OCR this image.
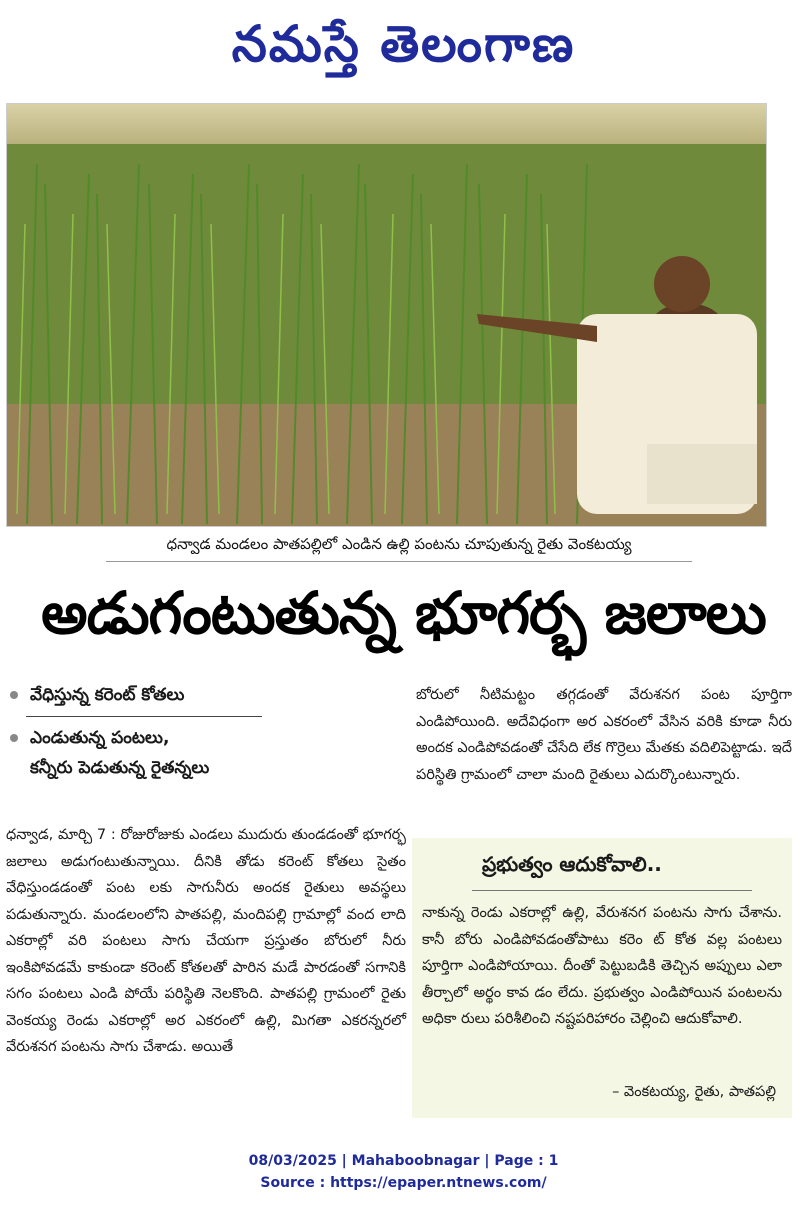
నమస్తే తెలంగాణ
ధన్వాడ మండలం పాతపల్లిలో ఎండిన ఉల్లి పంటను చూపుతున్న రైతు వెంకటయ్య
అడుగంటుతున్న భూగర్భ జలాలు
వేధిస్తున్న కరెంట్ కోతలు
ఎండుతున్న పంటలు,
కన్నీరు పెడుతున్న రైతన్నలు

ధన్వాడ, మార్చి 7 : రోజురోజుకు ఎండలు ముదురు తుండడంతో భూగర్భ జలాలు అడుగంటుతున్నాయి. దీనికి తోడు కరెంట్ కోతలు సైతం వేధిస్తుండడంతో పంట లకు సాగునీరు అందక రైతులు అవస్థలు పడుతున్నారు. మండలంలోని పాతపల్లి, మందిపల్లి గ్రామాల్లో వంద లాది ఎకరాల్లో వరి పంటలు సాగు చేయగా ప్రస్తుతం బోరులో నీరు ఇంకిపోవడమే కాకుండా కరెంట్ కోతలతో పారిన మడే పారడంతో సగానికి సగం పంటలు ఎండి పోయే పరిస్థితి నెలకొంది. పాతపల్లి గ్రామంలో రైతు వెంకయ్య రెండు ఎకరాల్లో అర ఎకరంలో ఉల్లి, మిగతా ఎకరన్నరలో వేరుశనగ పంటను సాగు చేశాడు. అయితే

బోరులో నీటిమట్టం తగ్గడంతో వేరుశనగ పంట పూర్తిగా ఎండిపోయింది. అదేవిధంగా అర ఎకరంలో వేసిన వరికి కూడా నీరు అందక ఎండిపోవడంతో చేసేది లేక గొర్రెలు మేతకు వదిలిపెట్టాడు. ఇదే పరిస్థితి గ్రామంలో చాలా మంది రైతులు ఎదుర్కొంటున్నారు.

ప్రభుత్వం ఆదుకోవాలి..

నాకున్న రెండు ఎకరాల్లో ఉల్లి, వేరుశనగ పంటను సాగు చేశాను. కానీ బోరు ఎండిపోవడంతోపాటు కరెం ట్ కోత వల్ల పంటలు పూర్తిగా ఎండిపోయాయి. దీంతో పెట్టుబడికి తెచ్చిన అప్పులు ఎలా తీర్చాలో అర్థం కావ డం లేదు. ప్రభుత్వం ఎండిపోయిన పంటలను అధికా రులు పరిశీలించి నష్టపరిహారం చెల్లించి ఆదుకోవాలి.

– వెంకటయ్య, రైతు, పాతపల్లి
08/03/2025 | Mahaboobnagar | Page : 1
Source : https://epaper.ntnews.com/
